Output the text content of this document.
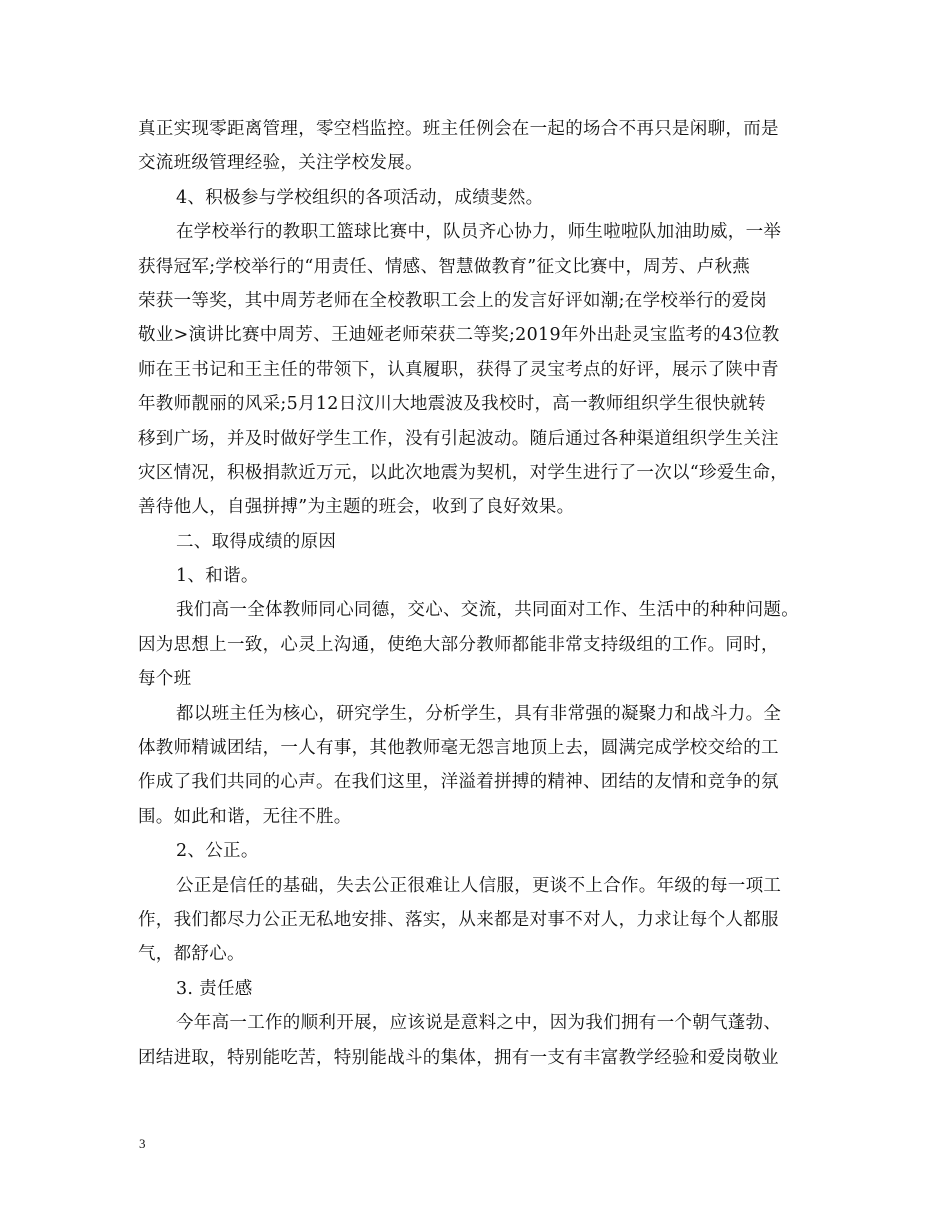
真正实现零距离管理，零空档监控。班主任例会在一起的场合不再只是闲聊，而是
交流班级管理经验，关注学校发展。
4、积极参与学校组织的各项活动，成绩斐然。
在学校举行的教职工篮球比赛中，队员齐心协力，师生啦啦队加油助威，一举
获得冠军;学校举行的“用责任、情感、智慧做教育”征文比赛中，周芳、卢秋燕
荣获一等奖，其中周芳老师在全校教职工会上的发言好评如潮;在学校举行的爱岗
敬业>演讲比赛中周芳、王迪娅老师荣获二等奖;2019年外出赴灵宝监考的43位教
师在王书记和王主任的带领下，认真履职，获得了灵宝考点的好评，展示了陕中青
年教师靓丽的风采;5月12日汶川大地震波及我校时，高一教师组织学生很快就转
移到广场，并及时做好学生工作，没有引起波动。随后通过各种渠道组织学生关注
灾区情况，积极捐款近万元，以此次地震为契机，对学生进行了一次以“珍爱生命，
善待他人，自强拼搏”为主题的班会，收到了良好效果。
二、取得成绩的原因
1、和谐。
我们高一全体教师同心同德，交心、交流，共同面对工作、生活中的种种问题。
因为思想上一致，心灵上沟通，使绝大部分教师都能非常支持级组的工作。同时，
每个班
都以班主任为核心，研究学生，分析学生，具有非常强的凝聚力和战斗力。全
体教师精诚团结，一人有事，其他教师毫无怨言地顶上去，圆满完成学校交给的工
作成了我们共同的心声。在我们这里，洋溢着拼搏的精神、团结的友情和竞争的氛
围。如此和谐，无往不胜。
2、公正。
公正是信任的基础，失去公正很难让人信服，更谈不上合作。年级的每一项工
作，我们都尽力公正无私地安排、落实，从来都是对事不对人，力求让每个人都服
气，都舒心。
3. 责任感
今年高一工作的顺利开展，应该说是意料之中，因为我们拥有一个朝气蓬勃、
团结进取，特别能吃苦，特别能战斗的集体，拥有一支有丰富教学经验和爱岗敬业
3
